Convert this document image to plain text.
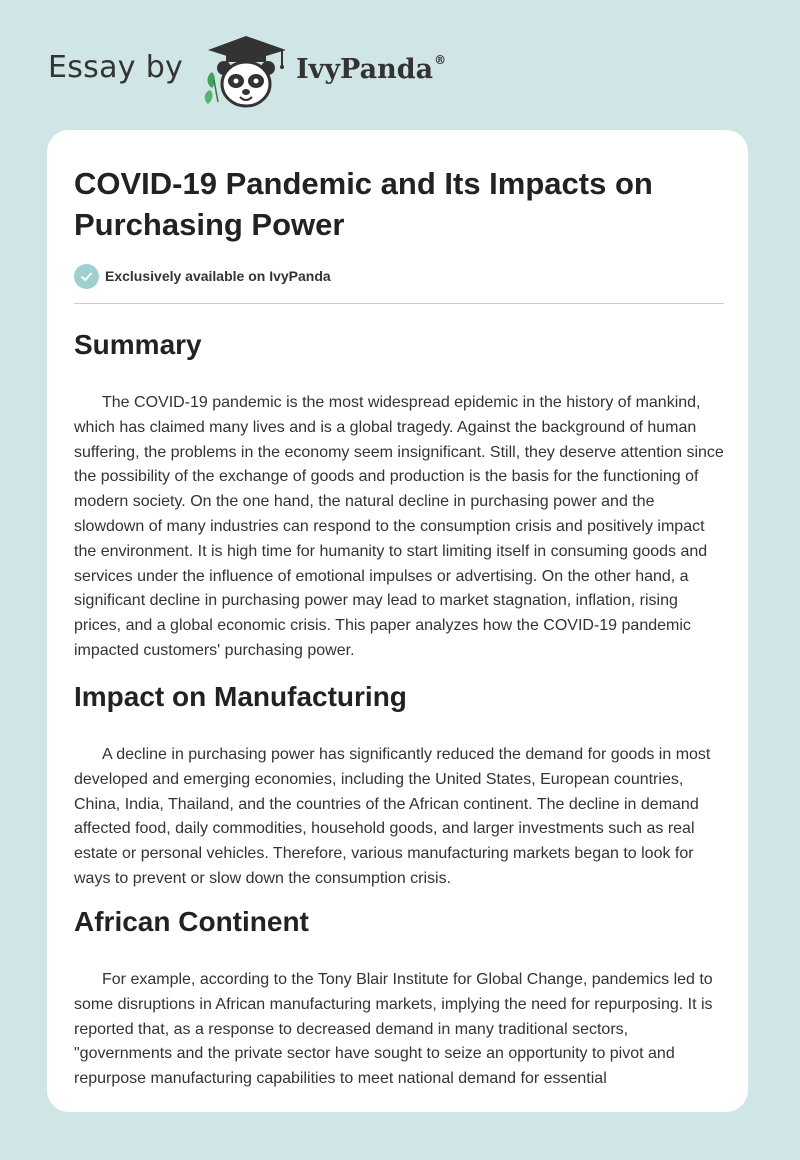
Essay by	IvyPanda®
COVID-19 Pandemic and Its Impacts on Purchasing Power
Exclusively available on IvyPanda
Summary

The COVID-19 pandemic is the most widespread epidemic in the history of mankind, which has claimed many lives and is a global tragedy. Against the background of human suffering, the problems in the economy seem insignificant. Still, they deserve attention since the possibility of the exchange of goods and production is the basis for the functioning of modern society. On the one hand, the natural decline in purchasing power and the slowdown of many industries can respond to the consumption crisis and positively impact the environment. It is high time for humanity to start limiting itself in consuming goods and services under the influence of emotional impulses or advertising. On the other hand, a significant decline in purchasing power may lead to market stagnation, inflation, rising prices, and a global economic crisis. This paper analyzes how the COVID-19 pandemic impacted customers' purchasing power.

Impact on Manufacturing

A decline in purchasing power has significantly reduced the demand for goods in most developed and emerging economies, including the United States, European countries, China, India, Thailand, and the countries of the African continent. The decline in demand affected food, daily commodities, household goods, and larger investments such as real estate or personal vehicles. Therefore, various manufacturing markets began to look for ways to prevent or slow down the consumption crisis.

African Continent

For example, according to the Tony Blair Institute for Global Change, pandemics led to some disruptions in African manufacturing markets, implying the need for repurposing. It is reported that, as a response to decreased demand in many traditional sectors, "governments and the private sector have sought to seize an opportunity to pivot and repurpose manufacturing capabilities to meet national demand for essential
